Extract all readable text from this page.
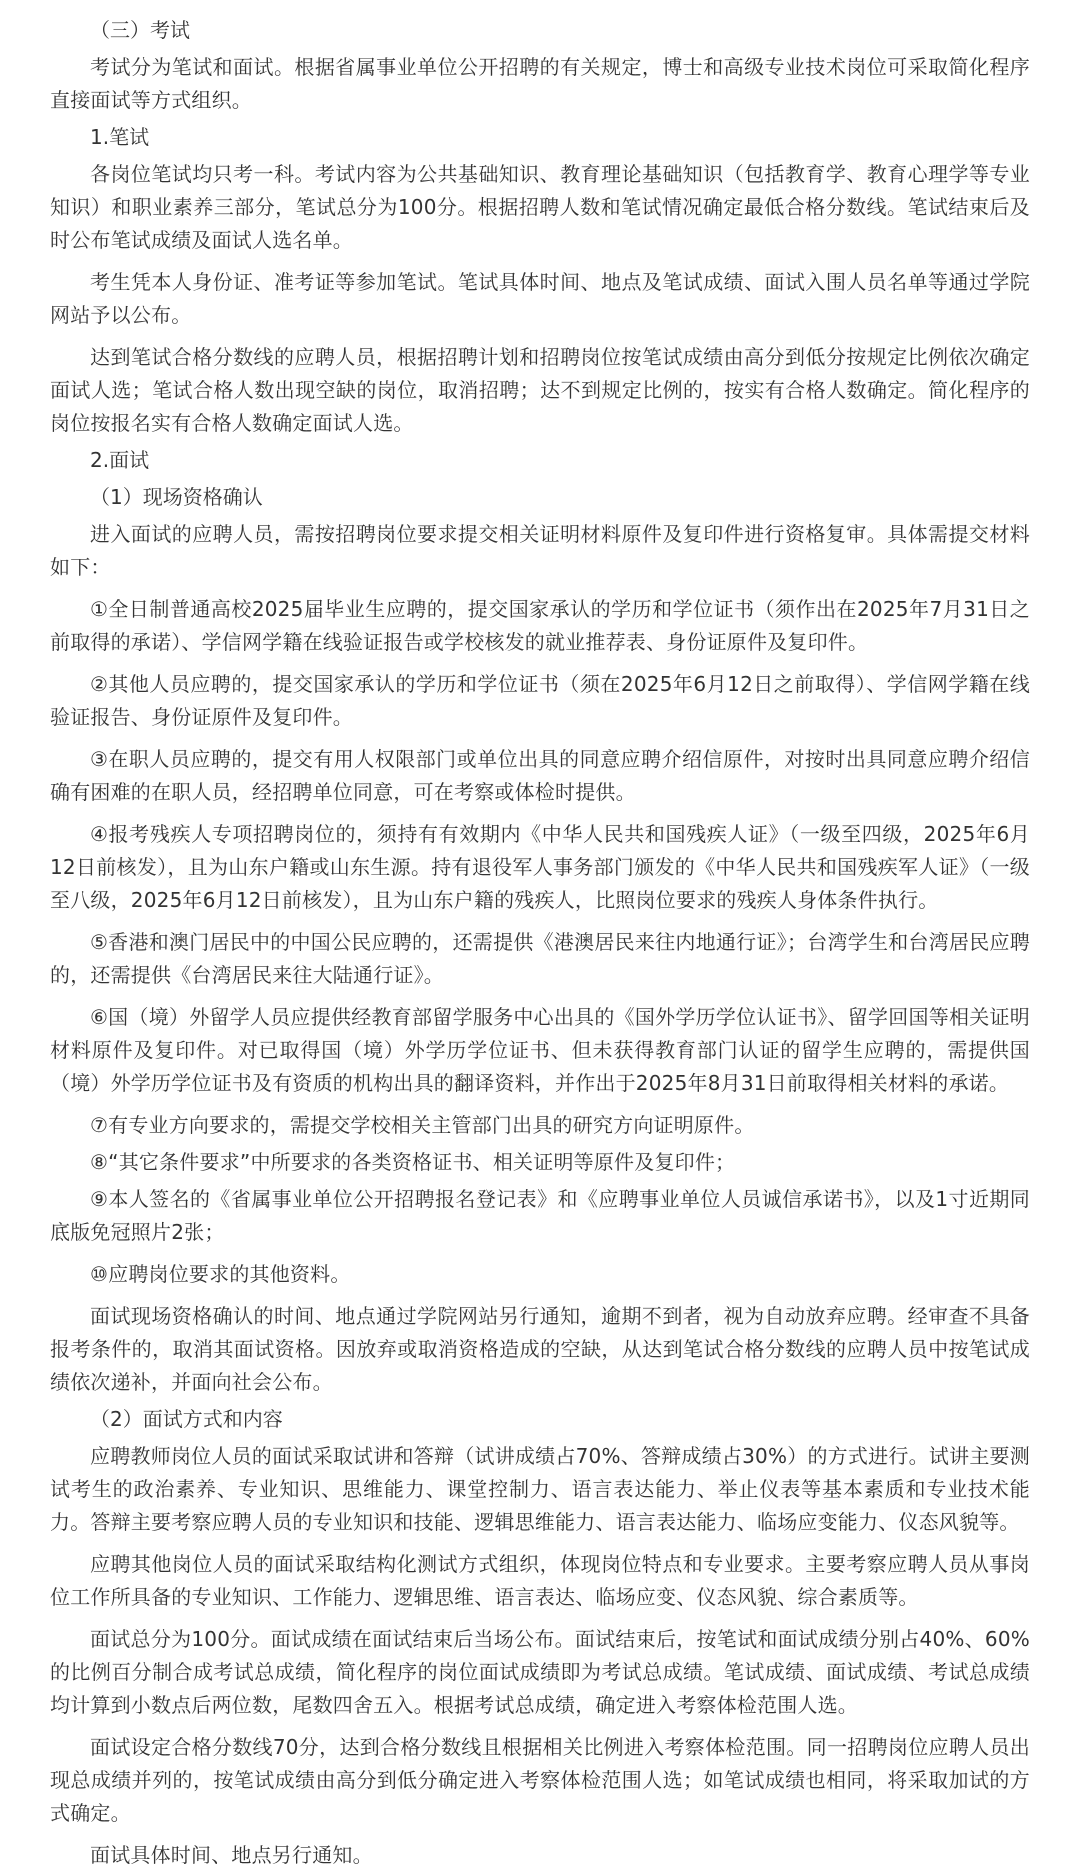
（三）考试

考试分为笔试和面试。根据省属事业单位公开招聘的有关规定，博士和高级专业技术岗位可采取简化程序直接面试等方式组织。

1.笔试

各岗位笔试均只考一科。考试内容为公共基础知识、教育理论基础知识（包括教育学、教育心理学等专业知识）和职业素养三部分，笔试总分为100分。根据招聘人数和笔试情况确定最低合格分数线。笔试结束后及时公布笔试成绩及面试人选名单。

考生凭本人身份证、准考证等参加笔试。笔试具体时间、地点及笔试成绩、面试入围人员名单等通过学院网站予以公布。

达到笔试合格分数线的应聘人员，根据招聘计划和招聘岗位按笔试成绩由高分到低分按规定比例依次确定面试人选；笔试合格人数出现空缺的岗位，取消招聘；达不到规定比例的，按实有合格人数确定。简化程序的岗位按报名实有合格人数确定面试人选。

2.面试

（1）现场资格确认

进入面试的应聘人员，需按招聘岗位要求提交相关证明材料原件及复印件进行资格复审。具体需提交材料如下：

①全日制普通高校2025届毕业生应聘的，提交国家承认的学历和学位证书（须作出在2025年7月31日之前取得的承诺）、学信网学籍在线验证报告或学校核发的就业推荐表、身份证原件及复印件。

②其他人员应聘的，提交国家承认的学历和学位证书（须在2025年6月12日之前取得）、学信网学籍在线验证报告、身份证原件及复印件。

③在职人员应聘的，提交有用人权限部门或单位出具的同意应聘介绍信原件，对按时出具同意应聘介绍信确有困难的在职人员，经招聘单位同意，可在考察或体检时提供。

④报考残疾人专项招聘岗位的，须持有有效期内《中华人民共和国残疾人证》（一级至四级，2025年6月12日前核发），且为山东户籍或山东生源。持有退役军人事务部门颁发的《中华人民共和国残疾军人证》（一级至八级，2025年6月12日前核发），且为山东户籍的残疾人，比照岗位要求的残疾人身体条件执行。

⑤香港和澳门居民中的中国公民应聘的，还需提供《港澳居民来往内地通行证》；台湾学生和台湾居民应聘的，还需提供《台湾居民来往大陆通行证》。

⑥国（境）外留学人员应提供经教育部留学服务中心出具的《国外学历学位认证书》、留学回国等相关证明材料原件及复印件。对已取得国（境）外学历学位证书、但未获得教育部门认证的留学生应聘的，需提供国（境）外学历学位证书及有资质的机构出具的翻译资料，并作出于2025年8月31日前取得相关材料的承诺。

⑦有专业方向要求的，需提交学校相关主管部门出具的研究方向证明原件。

⑧“其它条件要求”中所要求的各类资格证书、相关证明等原件及复印件；

⑨本人签名的《省属事业单位公开招聘报名登记表》和《应聘事业单位人员诚信承诺书》，以及1寸近期同底版免冠照片2张；

⑩应聘岗位要求的其他资料。

面试现场资格确认的时间、地点通过学院网站另行通知，逾期不到者，视为自动放弃应聘。经审查不具备报考条件的，取消其面试资格。因放弃或取消资格造成的空缺，从达到笔试合格分数线的应聘人员中按笔试成绩依次递补，并面向社会公布。

（2）面试方式和内容

应聘教师岗位人员的面试采取试讲和答辩（试讲成绩占70%、答辩成绩占30%）的方式进行。试讲主要测试考生的政治素养、专业知识、思维能力、课堂控制力、语言表达能力、举止仪表等基本素质和专业技术能力。答辩主要考察应聘人员的专业知识和技能、逻辑思维能力、语言表达能力、临场应变能力、仪态风貌等。

应聘其他岗位人员的面试采取结构化测试方式组织，体现岗位特点和专业要求。主要考察应聘人员从事岗位工作所具备的专业知识、工作能力、逻辑思维、语言表达、临场应变、仪态风貌、综合素质等。

面试总分为100分。面试成绩在面试结束后当场公布。面试结束后，按笔试和面试成绩分别占40%、60%的比例百分制合成考试总成绩，简化程序的岗位面试成绩即为考试总成绩。笔试成绩、面试成绩、考试总成绩均计算到小数点后两位数，尾数四舍五入。根据考试总成绩，确定进入考察体检范围人选。

面试设定合格分数线70分，达到合格分数线且根据相关比例进入考察体检范围。同一招聘岗位应聘人员出现总成绩并列的，按笔试成绩由高分到低分确定进入考察体检范围人选；如笔试成绩也相同，将采取加试的方式确定。

面试具体时间、地点另行通知。
